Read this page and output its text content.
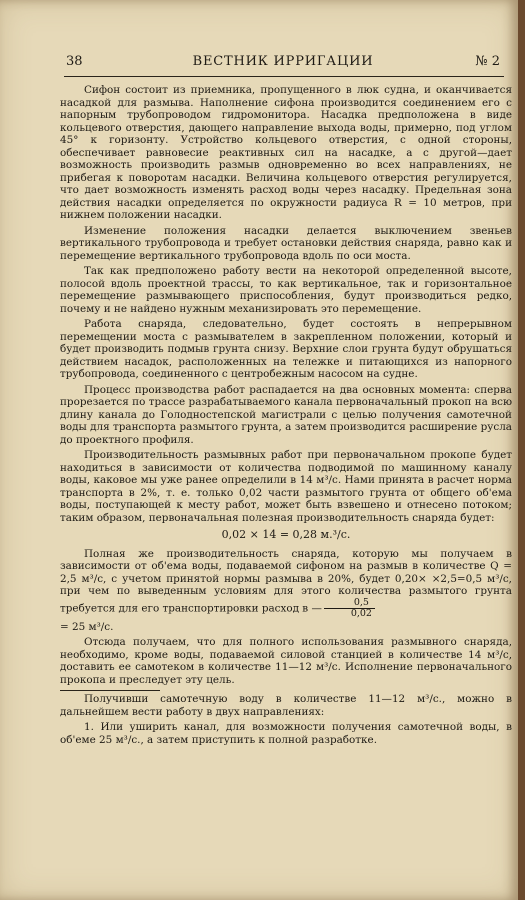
38	ВЕСТНИК ИРРИГАЦИИ	№ 2

Сифон состоит из приемника, пропущенного в люк судна, и оканчивается насадкой для размыва. Наполнение сифона производится соединением его с напорным трубопроводом гидромонитора. Насадка предположена в виде кольцевого отверстия, дающего направление выхода воды, примерно, под углом 45° к горизонту. Устройство кольцевого отверстия, с одной стороны, обеспечивает равновесие реактивных сил на насадке, а с другой—дает возможность производить размыв одновременно во всех направлениях, не прибегая к поворотам насадки. Величина кольцевого отверстия регулируется, что дает возможность изменять расход воды через насадку. Предельная зона действия насадки определяется по окружности радиуса R = 10 метров, при нижнем положении насадки.

Изменение положения насадки делается выключением звеньев вертикального трубопровода и требует остановки действия снаряда, равно как и перемещение вертикального трубопровода вдоль по оси моста.

Так как предположено работу вести на некоторой определенной высоте, полосой вдоль проектной трассы, то как вертикальное, так и горизонтальное перемещение размывающего приспособления, будут производиться редко, почему и не найдено нужным механизировать это перемещение.

Работа снаряда, следовательно, будет состоять в непрерывном перемещении моста с размывателем в закрепленном положении, который и будет производить подмыв грунта снизу. Верхние слои грунта будут обрушаться действием насадок, расположенных на тележке и питающихся из напорного трубопровода, соединенного с центробежным насосом на судне.

Процесс производства работ распадается на два основных момента: сперва прорезается по трассе разрабатываемого канала первоначальный прокоп на всю длину канала до Голодностепской магистрали с целью получения самотечной воды для транспорта размытого грунта, а затем производится расширение русла до проектного профиля.

Производительность размывных работ при первоначальном прокопе будет находиться в зависимости от количества подводимой по машинному каналу воды, каковое мы уже ранее определили в 14 м³/с. Нами принята в расчет норма транспорта в 2%, т. е. только 0,02 части размытого грунта от общего об'ема воды, поступающей к месту работ, может быть взвешено и отнесено потоком; таким образом, первоначальная полезная производительность снаряда будет:

0,02 × 14 = 0,28 м.³/с.

Полная же производительность снаряда, которую мы получаем в зависимости от об'ема воды, подаваемой сифоном на размыв в количестве Q = 2,5 м³/с, с учетом принятой нормы размыва в 20%, будет 0,20× ×2,5=0,5 м³/с, при чем по выведенным условиям для этого количества размытого грунта требуется для его транспортировки расход в — $\frac{0,5}{0,02}$
= 25 м³/с.

Отсюда получаем, что для полного использования размывного снаряда, необходимо, кроме воды, подаваемой силовой станцией в количестве 14 м³/с, доставить ее самотеком в количестве 11—12 м³/с. Исполнение первоначального прокопа и преследует эту цель.

Получивши самотечную воду в количестве 11—12 м³/с., можно в дальнейшем вести работу в двух направлениях:

1. Или уширить канал, для возможности получения самотечной воды, в об'еме 25 м³/с., а затем приступить к полной разработке.
